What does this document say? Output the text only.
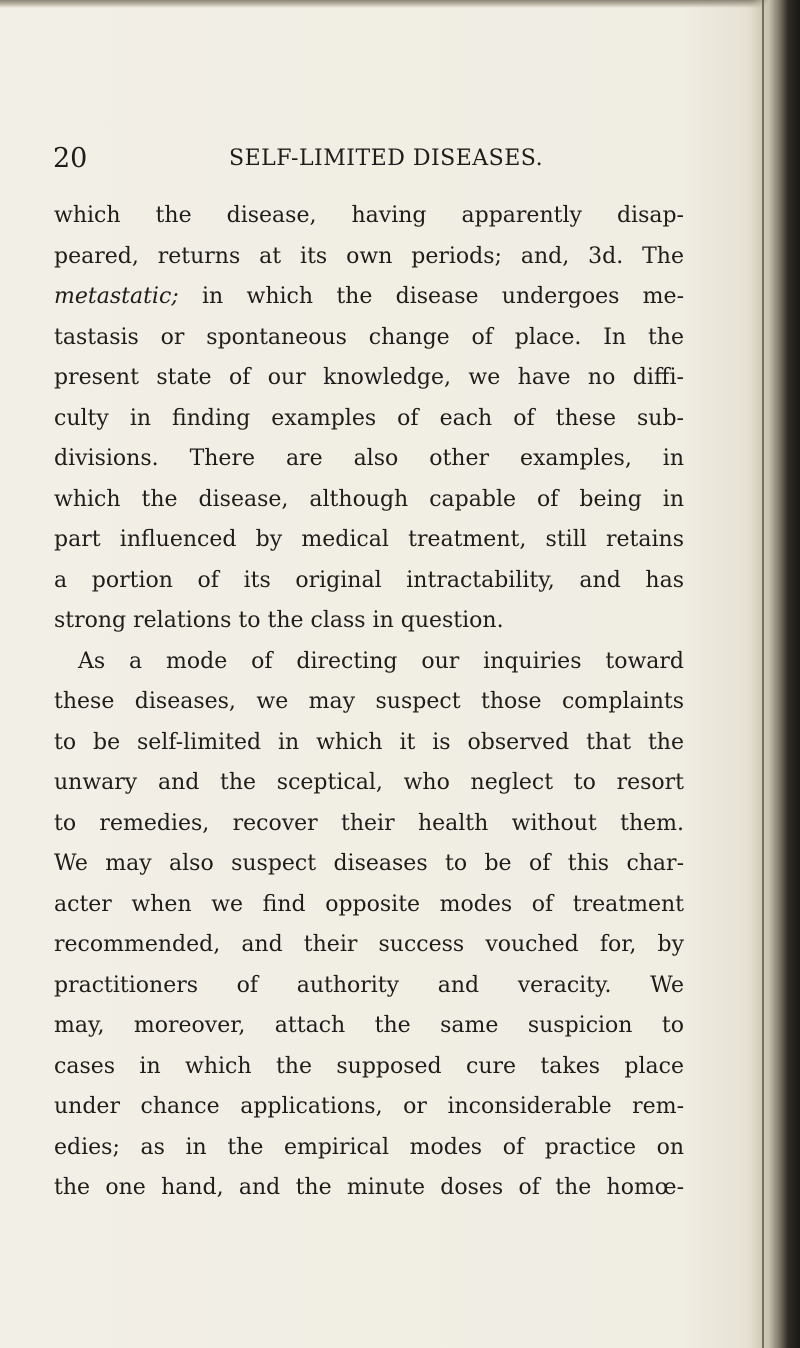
20	SELF-LIMITED DISEASES.
which the disease, having apparently disap-
peared, returns at its own periods; and, 3d. The
metastatic; in which the disease undergoes me-
tastasis or spontaneous change of place. In the
present state of our knowledge, we have no diffi-
culty in finding examples of each of these sub-
divisions. There are also other examples, in
which the disease, although capable of being in
part influenced by medical treatment, still retains
a portion of its original intractability, and has
strong relations to the class in question.
As a mode of directing our inquiries toward
these diseases, we may suspect those complaints
to be self-limited in which it is observed that the
unwary and the sceptical, who neglect to resort
to remedies, recover their health without them.
We may also suspect diseases to be of this char-
acter when we find opposite modes of treatment
recommended, and their success vouched for, by
practitioners of authority and veracity. We
may, moreover, attach the same suspicion to
cases in which the supposed cure takes place
under chance applications, or inconsiderable rem-
edies; as in the empirical modes of practice on
the one hand, and the minute doses of the homœ-
